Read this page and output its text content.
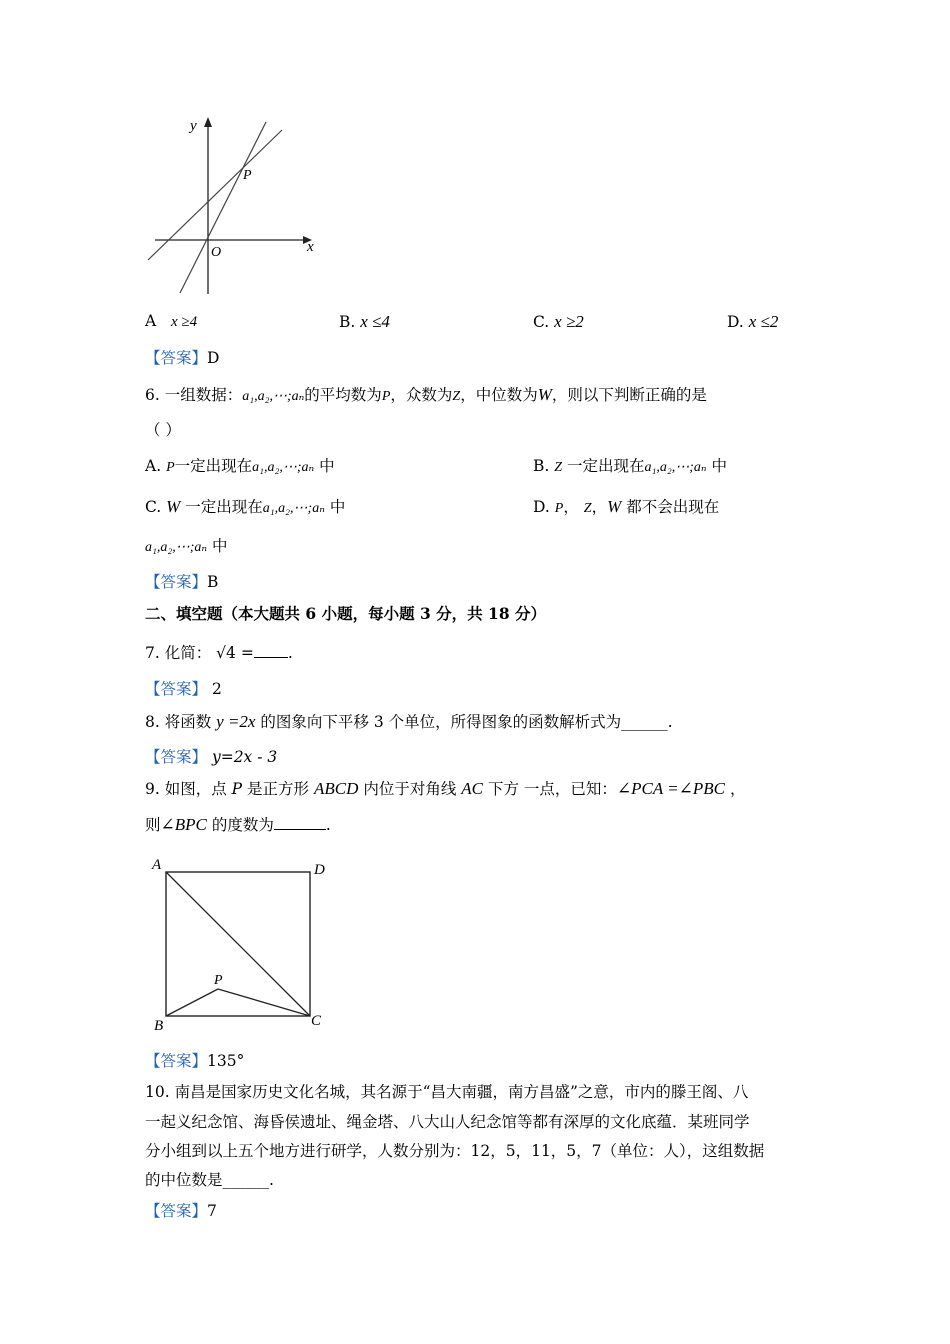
y
x
P
O
A x ≥4	B. x ≤4	C. x ≥2	D. x ≤2
【答案】D
6. 一组数据：a₁,a₂,⋯;aₙ的平均数为P，众数为Z，中位数为W，则以下判断正确的是
（ ）
A. P一定出现在a₁,a₂,⋯;aₙ 中	B. Z 一定出现在a₁,a₂,⋯;aₙ 中
C. W 一定出现在a₁,a₂,⋯;aₙ 中	D. P， Z，W 都不会出现在
a₁,a₂,⋯;aₙ 中
【答案】B
二、填空题（本大题共 6 小题，每小题 3 分，共 18 分）
7. 化简： √4 = .
【答案】 2
8. 将函数 y =2x 的图象向下平移 3 个单位，所得图象的函数解析式为______.
【答案】 y=2x - 3
9. 如图，点 P 是正方形 ABCD 内位于对角线 AC 下方 一点，已知：∠PCA =∠PBC ，
则∠BPC 的度数为	.
A	D
B	C
P
【答案】135°
10. 南昌是国家历史文化名城，其名源于“昌大南疆，南方昌盛”之意，市内的滕王阁、八
一起义纪念馆、海昏侯遗址、绳金塔、八大山人纪念馆等都有深厚的文化底蕴．某班同学
分小组到以上五个地方进行研学，人数分别为：12，5，11，5，7（单位：人），这组数据
的中位数是______.
【答案】7
